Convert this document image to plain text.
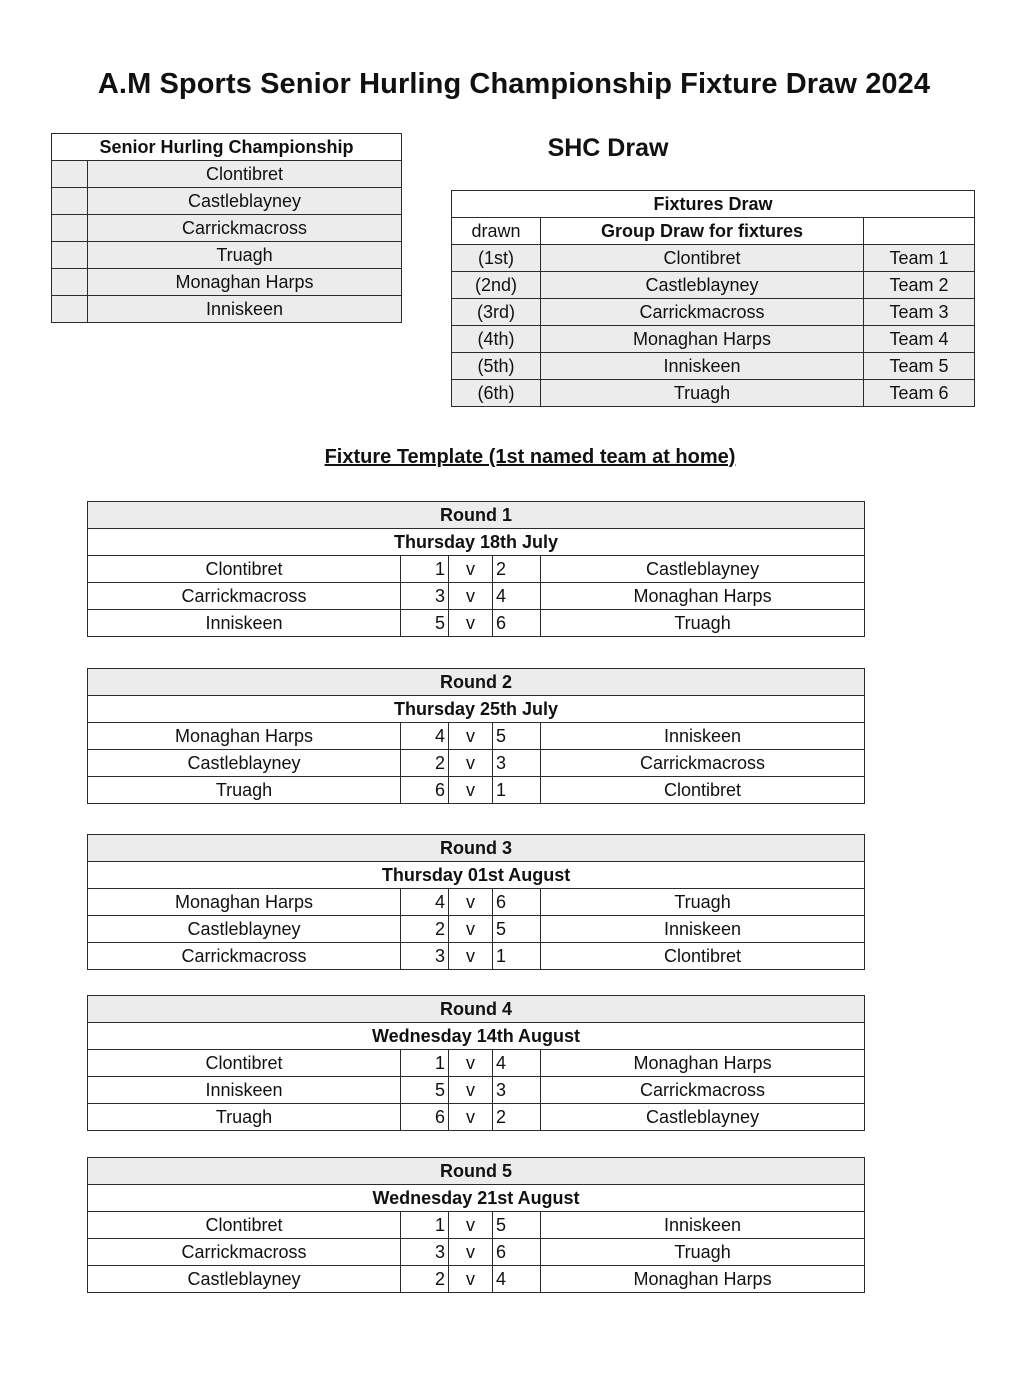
A.M Sports Senior Hurling Championship Fixture Draw 2024
SHC Draw
Senior Hurling Championship	
	Clontibret
	Castleblayney
	Carrickmacross
	Truagh
	Monaghan Harps
	Inniskeen
Fixtures Draw		
drawn	Group Draw for fixtures	
(1st)	Clontibret	Team 1
(2nd)	Castleblayney	Team 2
(3rd)	Carrickmacross	Team 3
(4th)	Monaghan Harps	Team 4
(5th)	Inniskeen	Team 5
(6th)	Truagh	Team 6
Fixture Template (1st named team at home)
Round 1				
Thursday 18th July				
Clontibret	1	v	2	Castleblayney
Carrickmacross	3	v	4	Monaghan Harps
Inniskeen	5	v	6	Truagh
Round 2				
Thursday 25th July				
Monaghan Harps	4	v	5	Inniskeen
Castleblayney	2	v	3	Carrickmacross
Truagh	6	v	1	Clontibret
Round 3				
Thursday 01st August				
Monaghan Harps	4	v	6	Truagh
Castleblayney	2	v	5	Inniskeen
Carrickmacross	3	v	1	Clontibret
Round 4				
Wednesday 14th August				
Clontibret	1	v	4	Monaghan Harps
Inniskeen	5	v	3	Carrickmacross
Truagh	6	v	2	Castleblayney
Round 5				
Wednesday 21st August				
Clontibret	1	v	5	Inniskeen
Carrickmacross	3	v	6	Truagh
Castleblayney	2	v	4	Monaghan Harps
